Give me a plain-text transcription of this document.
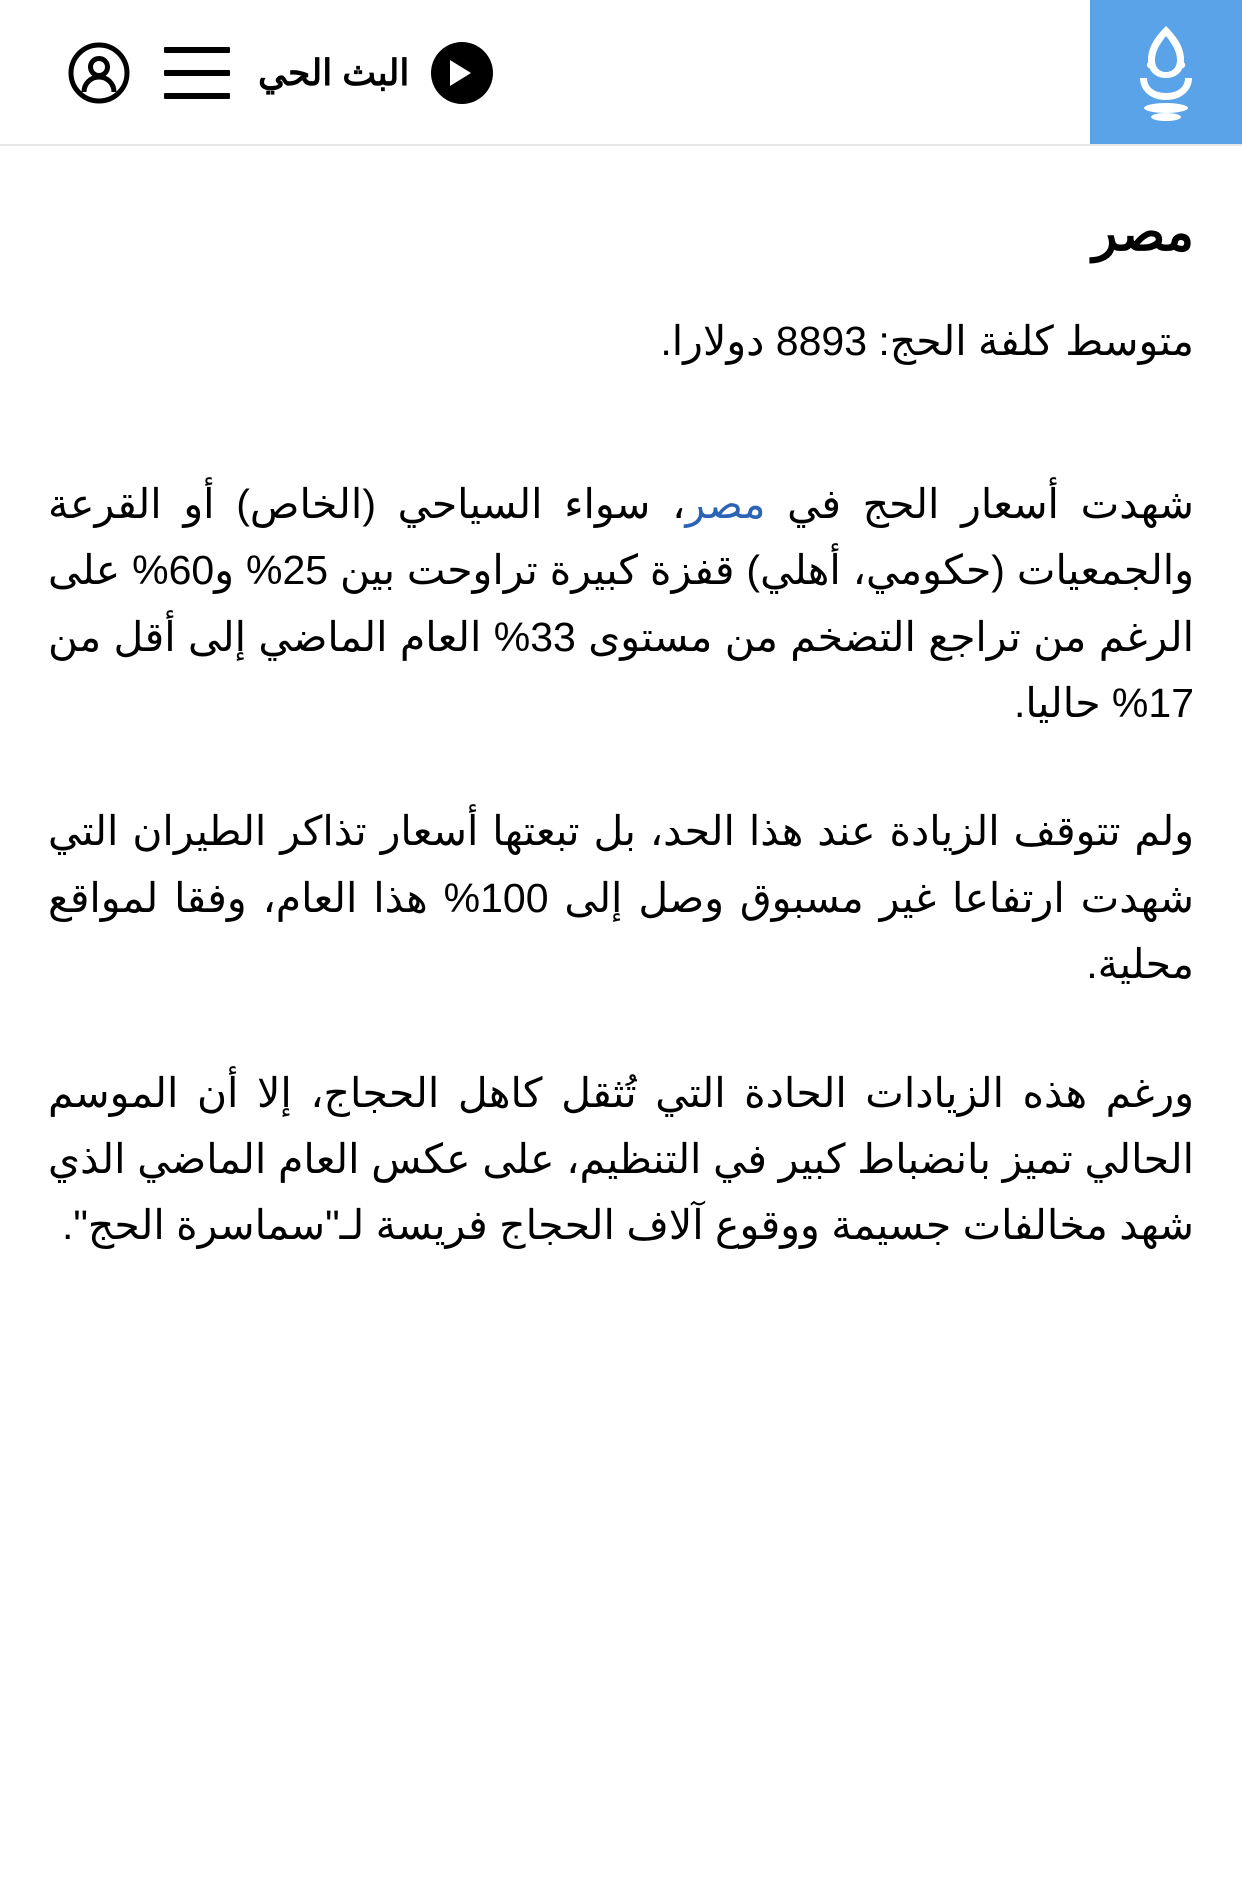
البث الحي
مصر

متوسط كلفة الحج: 8893 دولارا.

شهدت أسعار الحج في مصر، سواء السياحي (الخاص) أو القرعة والجمعيات (حكومي، أهلي) قفزة كبيرة تراوحت بين 25% و60% على الرغم من تراجع التضخم من مستوى 33% العام الماضي إلى أقل من 17% حاليا.

ولم تتوقف الزيادة عند هذا الحد، بل تبعتها أسعار تذاكر الطيران التي شهدت ارتفاعا غير مسبوق وصل إلى 100% هذا العام، وفقا لمواقع محلية.

ورغم هذه الزيادات الحادة التي تُثقل كاهل الحجاج، إلا أن الموسم الحالي تميز بانضباط كبير في التنظيم، على عكس العام الماضي الذي شهد مخالفات جسيمة ووقوع آلاف الحجاج فريسة لـ"سماسرة الحج".
